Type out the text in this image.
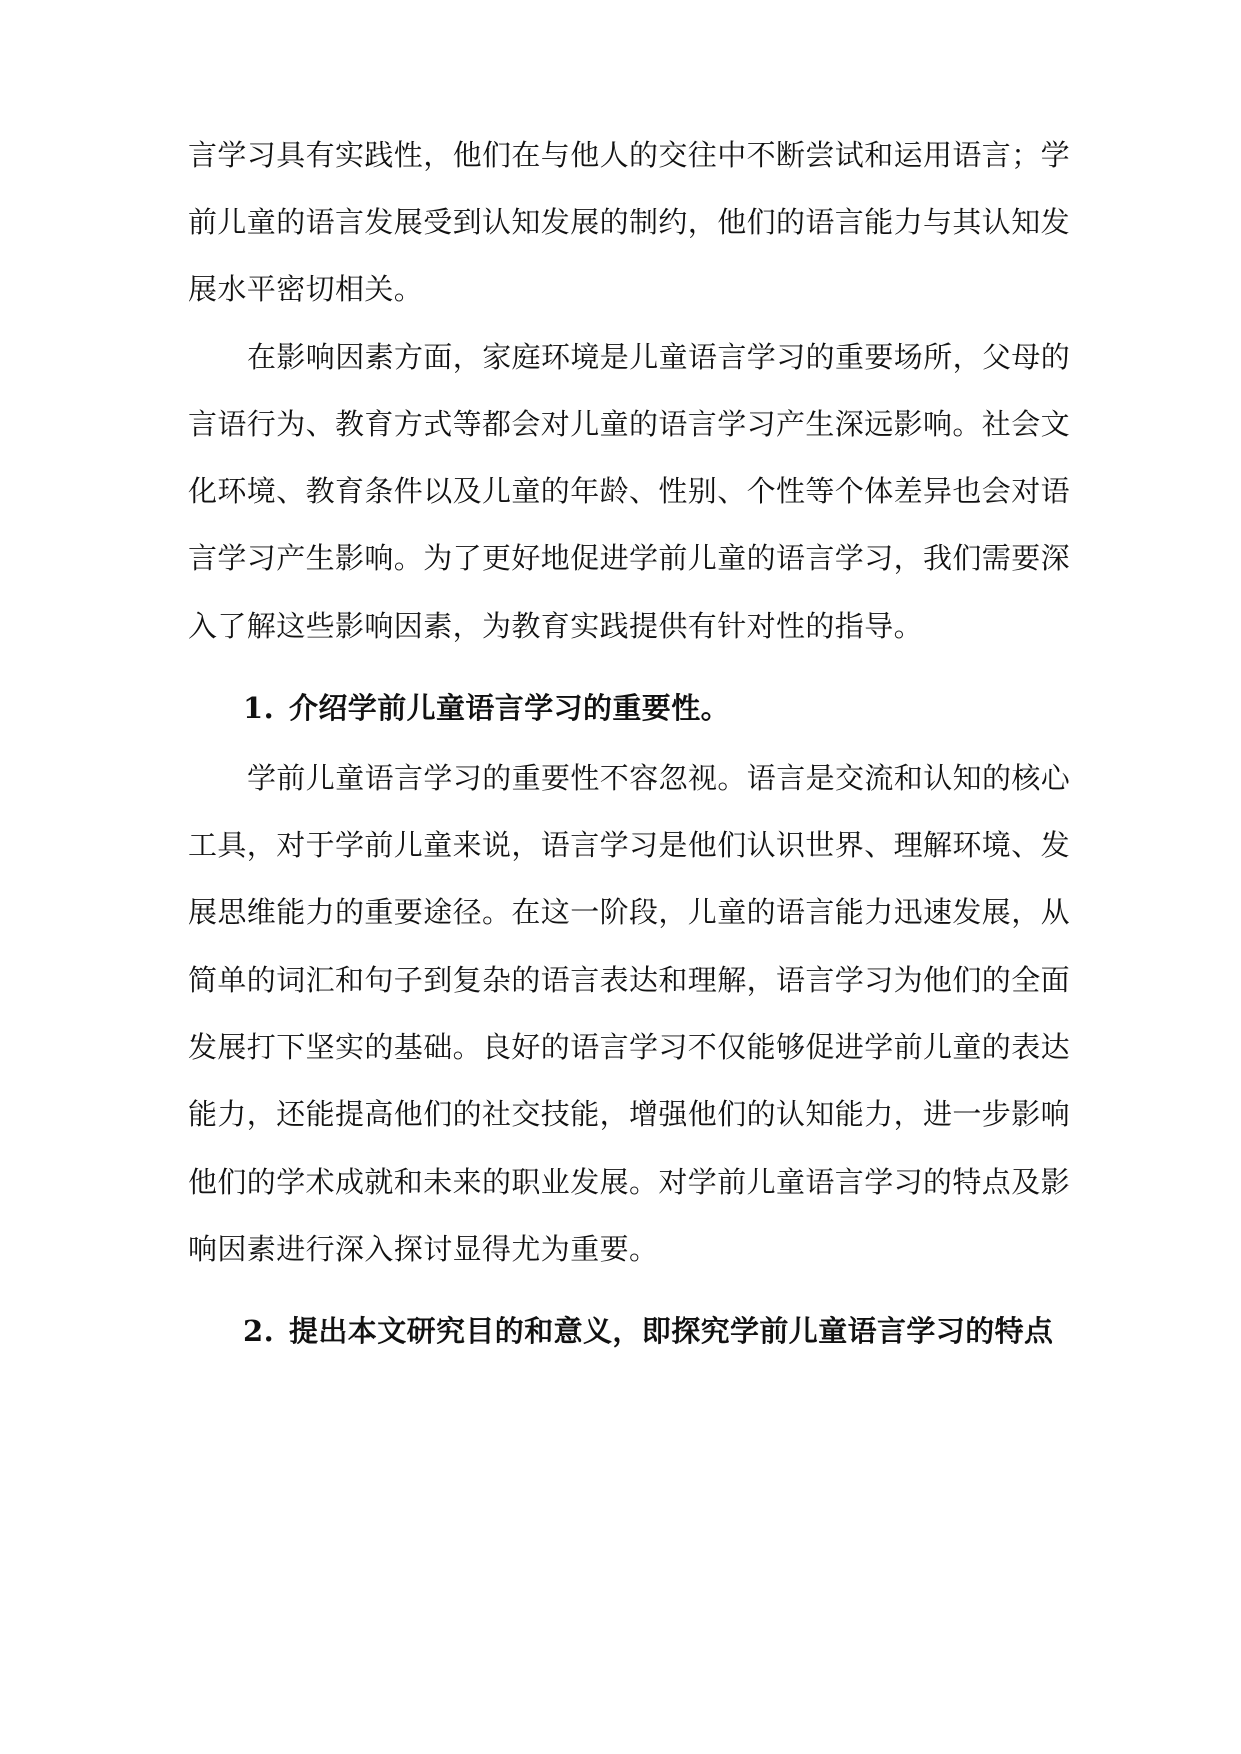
言学习具有实践性，他们在与他人的交往中不断尝试和运用语言；学
前儿童的语言发展受到认知发展的制约，他们的语言能力与其认知发
展水平密切相关。
在影响因素方面，家庭环境是儿童语言学习的重要场所，父母的
言语行为、教育方式等都会对儿童的语言学习产生深远影响。社会文
化环境、教育条件以及儿童的年龄、性别、个性等个体差异也会对语
言学习产生影响。为了更好地促进学前儿童的语言学习，我们需要深
入了解这些影响因素，为教育实践提供有针对性的指导。
1. 介绍学前儿童语言学习的重要性。
学前儿童语言学习的重要性不容忽视。语言是交流和认知的核心
工具，对于学前儿童来说，语言学习是他们认识世界、理解环境、发
展思维能力的重要途径。在这一阶段，儿童的语言能力迅速发展，从
简单的词汇和句子到复杂的语言表达和理解，语言学习为他们的全面
发展打下坚实的基础。良好的语言学习不仅能够促进学前儿童的表达
能力，还能提高他们的社交技能，增强他们的认知能力，进一步影响
他们的学术成就和未来的职业发展。对学前儿童语言学习的特点及影
响因素进行深入探讨显得尤为重要。
2. 提出本文研究目的和意义，即探究学前儿童语言学习的特点
